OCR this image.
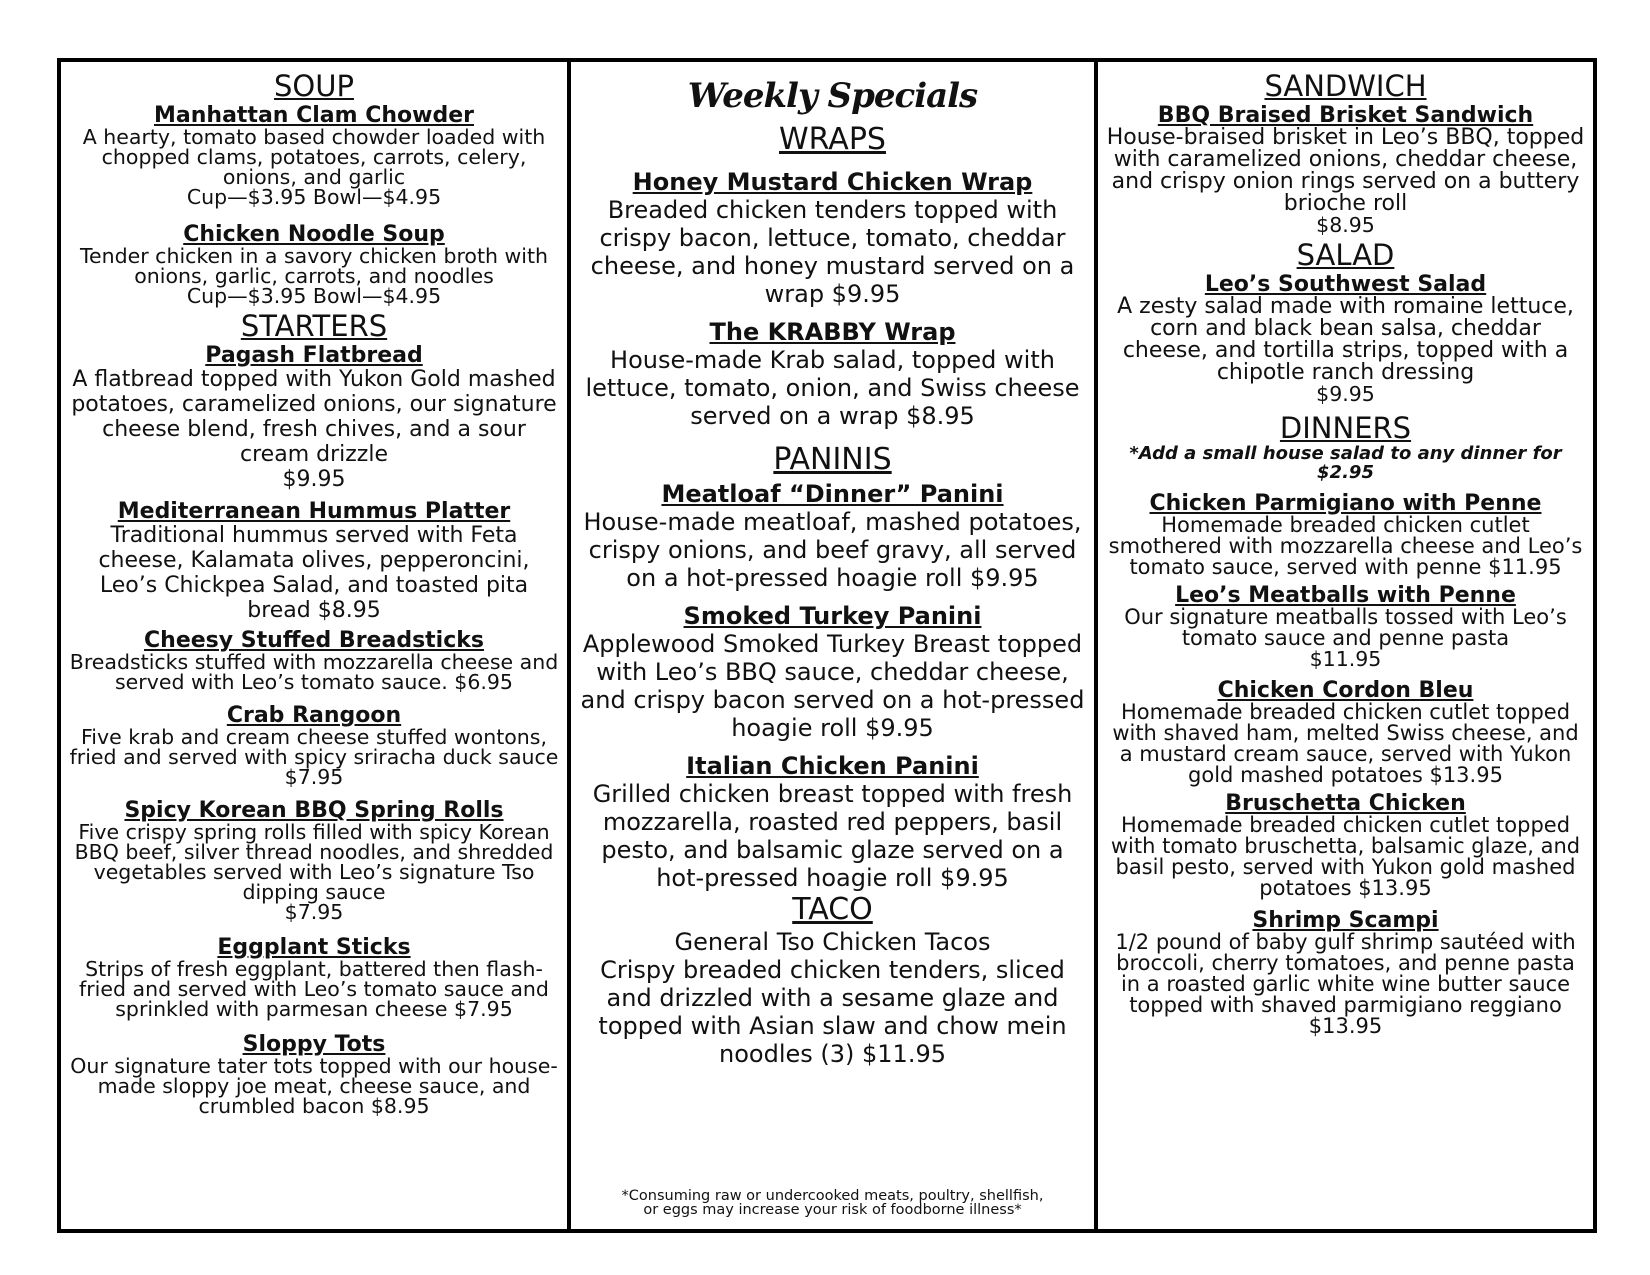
SOUP
Manhattan Clam Chowder
A hearty, tomato based chowder loaded with chopped clams, potatoes, carrots, celery, onions, and garlic
Cup—$3.95 Bowl—$4.95
Chicken Noodle Soup
Tender chicken in a savory chicken broth with onions, garlic, carrots, and noodles
Cup—$3.95 Bowl—$4.95
STARTERS
Pagash Flatbread
A flatbread topped with Yukon Gold mashed potatoes, caramelized onions, our signature cheese blend, fresh chives, and a sour cream drizzle
$9.95
Mediterranean Hummus Platter
Traditional hummus served with Feta cheese, Kalamata olives, pepperoncini, Leo’s Chickpea Salad, and toasted pita bread $8.95
Cheesy Stuffed Breadsticks
Breadsticks stuffed with mozzarella cheese and served with Leo’s tomato sauce. $6.95
Crab Rangoon
Five krab and cream cheese stuffed wontons, fried and served with spicy sriracha duck sauce $7.95
Spicy Korean BBQ Spring Rolls
Five crispy spring rolls filled with spicy Korean BBQ beef, silver thread noodles, and shredded vegetables served with Leo’s signature Tso dipping sauce
$7.95
Eggplant Sticks
Strips of fresh eggplant, battered then flash-fried and served with Leo’s tomato sauce and sprinkled with parmesan cheese $7.95
Sloppy Tots
Our signature tater tots topped with our house-made sloppy joe meat, cheese sauce, and crumbled bacon $8.95
Weekly Specials
WRAPS
Honey Mustard Chicken Wrap
Breaded chicken tenders topped with crispy bacon, lettuce, tomato, cheddar cheese, and honey mustard served on a wrap $9.95
The KRABBY Wrap
House-made Krab salad, topped with lettuce, tomato, onion, and Swiss cheese served on a wrap $8.95
PANINIS
Meatloaf “Dinner” Panini
House-made meatloaf, mashed potatoes, crispy onions, and beef gravy, all served on a hot-pressed hoagie roll $9.95
Smoked Turkey Panini
Applewood Smoked Turkey Breast topped with Leo’s BBQ sauce, cheddar cheese, and crispy bacon served on a hot-pressed hoagie roll $9.95
Italian Chicken Panini
Grilled chicken breast topped with fresh mozzarella, roasted red peppers, basil pesto, and balsamic glaze served on a hot-pressed hoagie roll $9.95
TACO
General Tso Chicken Tacos
Crispy breaded chicken tenders, sliced and drizzled with a sesame glaze and topped with Asian slaw and chow mein noodles (3) $11.95
*Consuming raw or undercooked meats, poultry, shellfish,
or eggs may increase your risk of foodborne illness*
SANDWICH
BBQ Braised Brisket Sandwich
House-braised brisket in Leo’s BBQ, topped with caramelized onions, cheddar cheese, and crispy onion rings served on a buttery brioche roll
$8.95
SALAD
Leo’s Southwest Salad
A zesty salad made with romaine lettuce, corn and black bean salsa, cheddar cheese, and tortilla strips, topped with a chipotle ranch dressing
$9.95
DINNERS
*Add a small house salad to any dinner for $2.95
Chicken Parmigiano with Penne
Homemade breaded chicken cutlet smothered with mozzarella cheese and Leo’s tomato sauce, served with penne $11.95
Leo’s Meatballs with Penne
Our signature meatballs tossed with Leo’s tomato sauce and penne pasta
$11.95
Chicken Cordon Bleu
Homemade breaded chicken cutlet topped with shaved ham, melted Swiss cheese, and a mustard cream sauce, served with Yukon gold mashed potatoes $13.95
Bruschetta Chicken
Homemade breaded chicken cutlet topped with tomato bruschetta, balsamic glaze, and basil pesto, served with Yukon gold mashed potatoes $13.95
Shrimp Scampi
1/2 pound of baby gulf shrimp sautéed with broccoli, cherry tomatoes, and penne pasta in a roasted garlic white wine butter sauce topped with shaved parmigiano reggiano $13.95
